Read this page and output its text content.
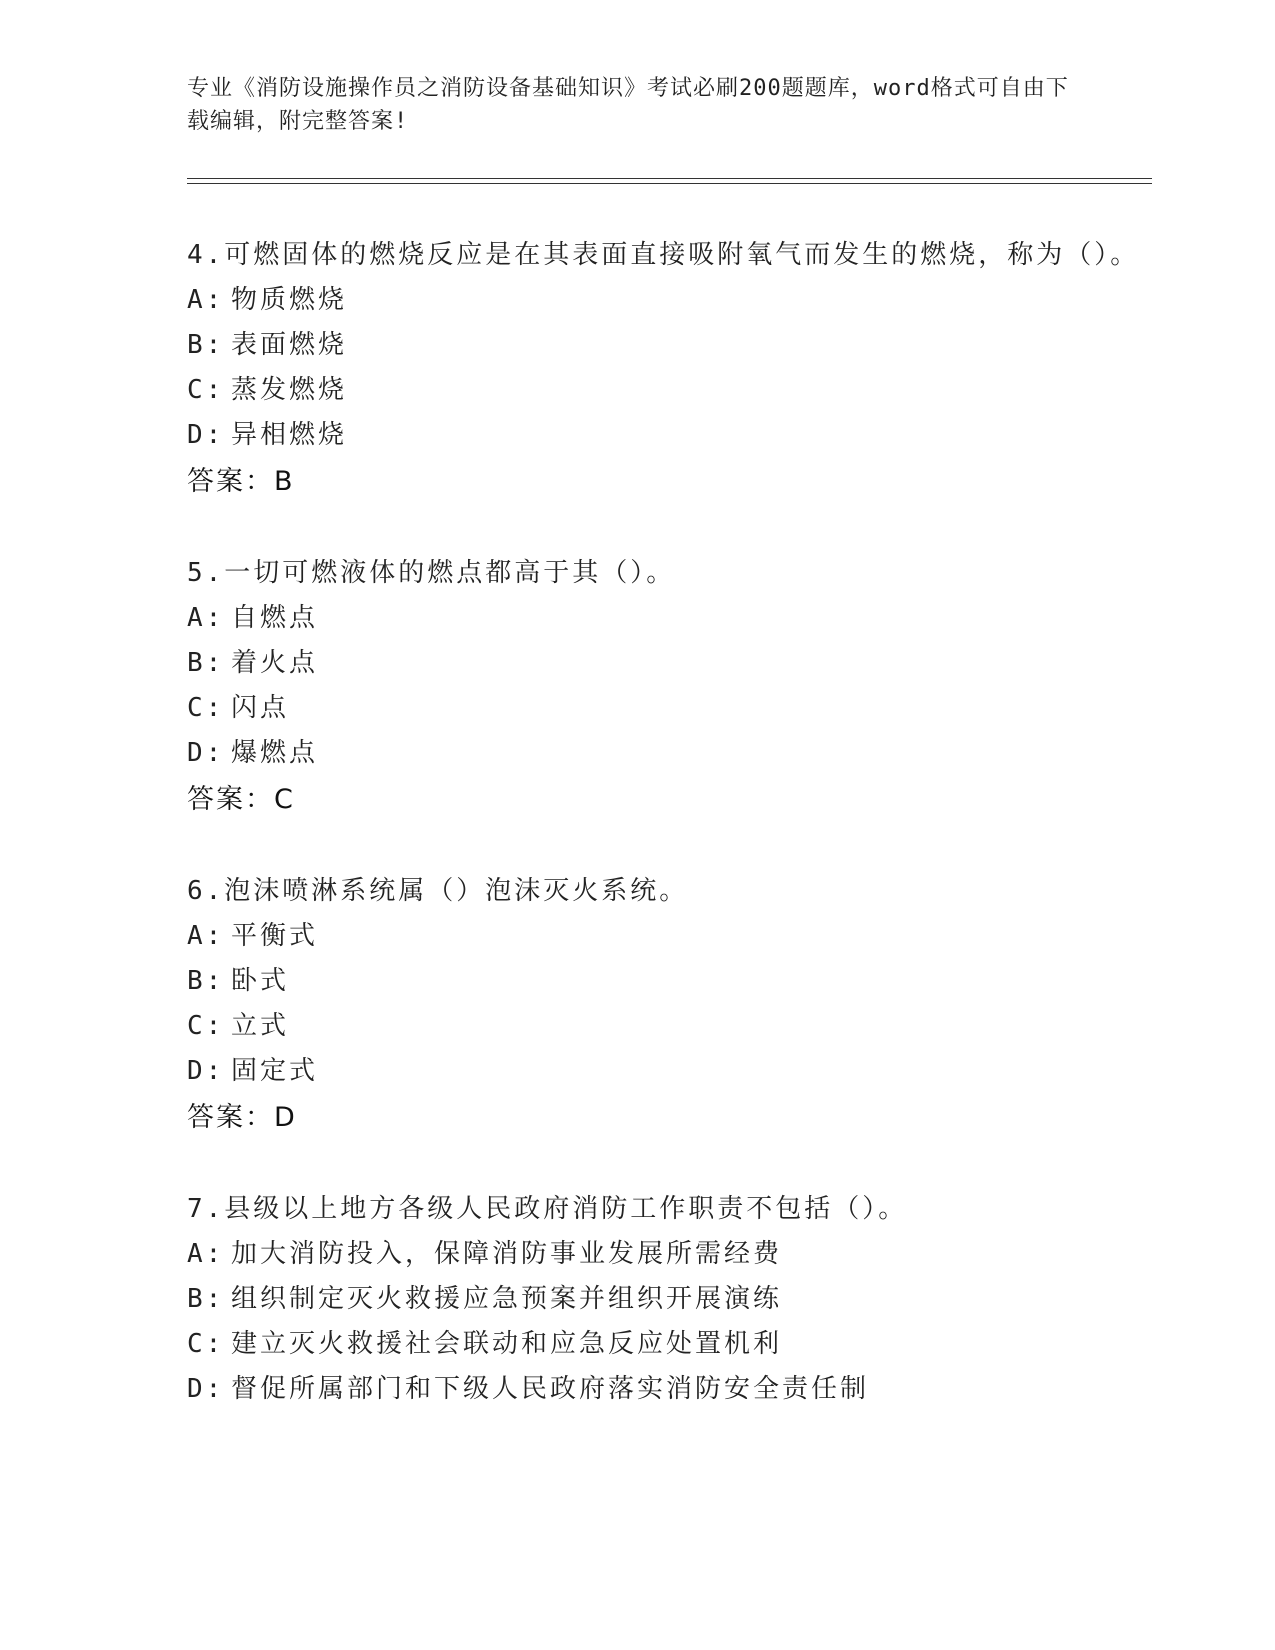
专业《消防设施操作员之消防设备基础知识》考试必刷200题题库，word格式可自由下载编辑，附完整答案!

4.可燃固体的燃烧反应是在其表面直接吸附氧气而发生的燃烧，称为（）。

A: 物质燃烧
B: 表面燃烧
C: 蒸发燃烧
D: 异相燃烧
答案：B

5.一切可燃液体的燃点都高于其（）。

A: 自燃点
B: 着火点
C: 闪点
D: 爆燃点
答案：C

6.泡沫喷淋系统属（）泡沫灭火系统。

A: 平衡式
B: 卧式
C: 立式
D: 固定式
答案：D

7.县级以上地方各级人民政府消防工作职责不包括（）。

A: 加大消防投入，保障消防事业发展所需经费
B: 组织制定灭火救援应急预案并组织开展演练
C: 建立灭火救援社会联动和应急反应处置机利
D: 督促所属部门和下级人民政府落实消防安全责任制
